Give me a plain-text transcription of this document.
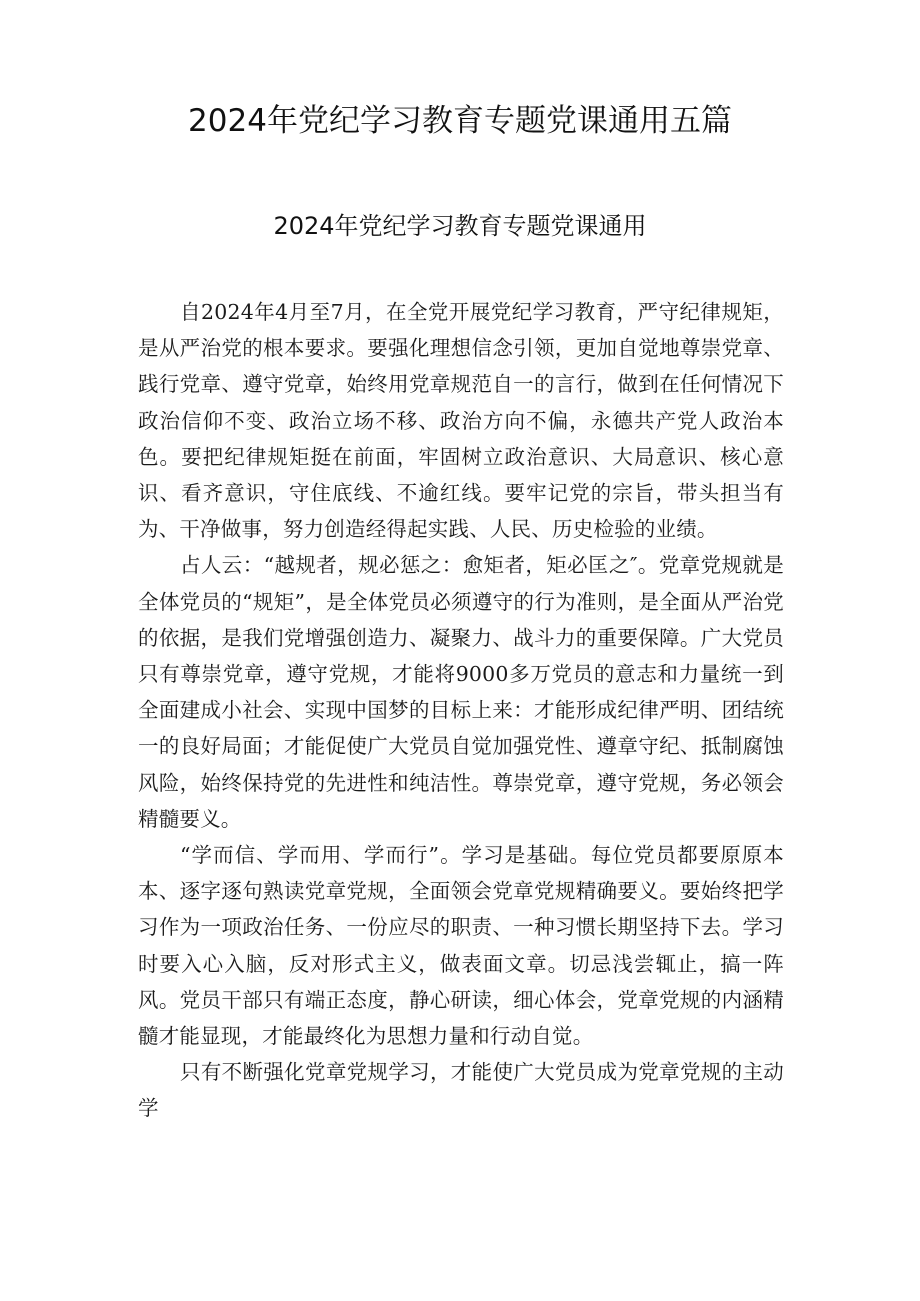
2024年党纪学习教育专题党课通用五篇
2024年党纪学习教育专题党课通用

自2024年4月至7月，在全党开展党纪学习教育，严守纪律规矩，是从严治党的根本要求。要强化理想信念引领，更加自觉地尊崇党章、践行党章、遵守党章，始终用党章规范自一的言行，做到在任何情况下政治信仰不变、政治立场不移、政治方向不偏，永德共产党人政治本色。要把纪律规矩挺在前面，牢固树立政治意识、大局意识、核心意识、看齐意识，守住底线、不逾红线。要牢记党的宗旨，带头担当有为、干净做事，努力创造经得起实践、人民、历史检验的业绩。

占人云：“越规者，规必惩之：愈矩者，矩必匡之″。党章党规就是全体党员的“规矩”，是全体党员必须遵守的行为准则，是全面从严治党的依据，是我们党增强创造力、凝聚力、战斗力的重要保障。广大党员只有尊崇党章，遵守党规，才能将9000多万党员的意志和力量统一到全面建成小社会、实现中国梦的目标上来：才能形成纪律严明、团结统一的良好局面；才能促使广大党员自觉加强党性、遵章守纪、抵制腐蚀风险，始终保持党的先进性和纯洁性。尊崇党章，遵守党规，务必领会精髓要义。

“学而信、学而用、学而行”。学习是基础。每位党员都要原原本本、逐字逐句熟读党章党规，全面领会党章党规精确要义。要始终把学习作为一项政治任务、一份应尽的职责、一种习惯长期坚持下去。学习时要入心入脑，反对形式主义，做表面文章。切忌浅尝辄止，搞一阵风。党员干部只有端正态度，静心研读，细心体会，党章党规的内涵精髓才能显现，才能最终化为思想力量和行动自觉。

只有不断强化党章党规学习，才能使广大党员成为党章党规的主动学
